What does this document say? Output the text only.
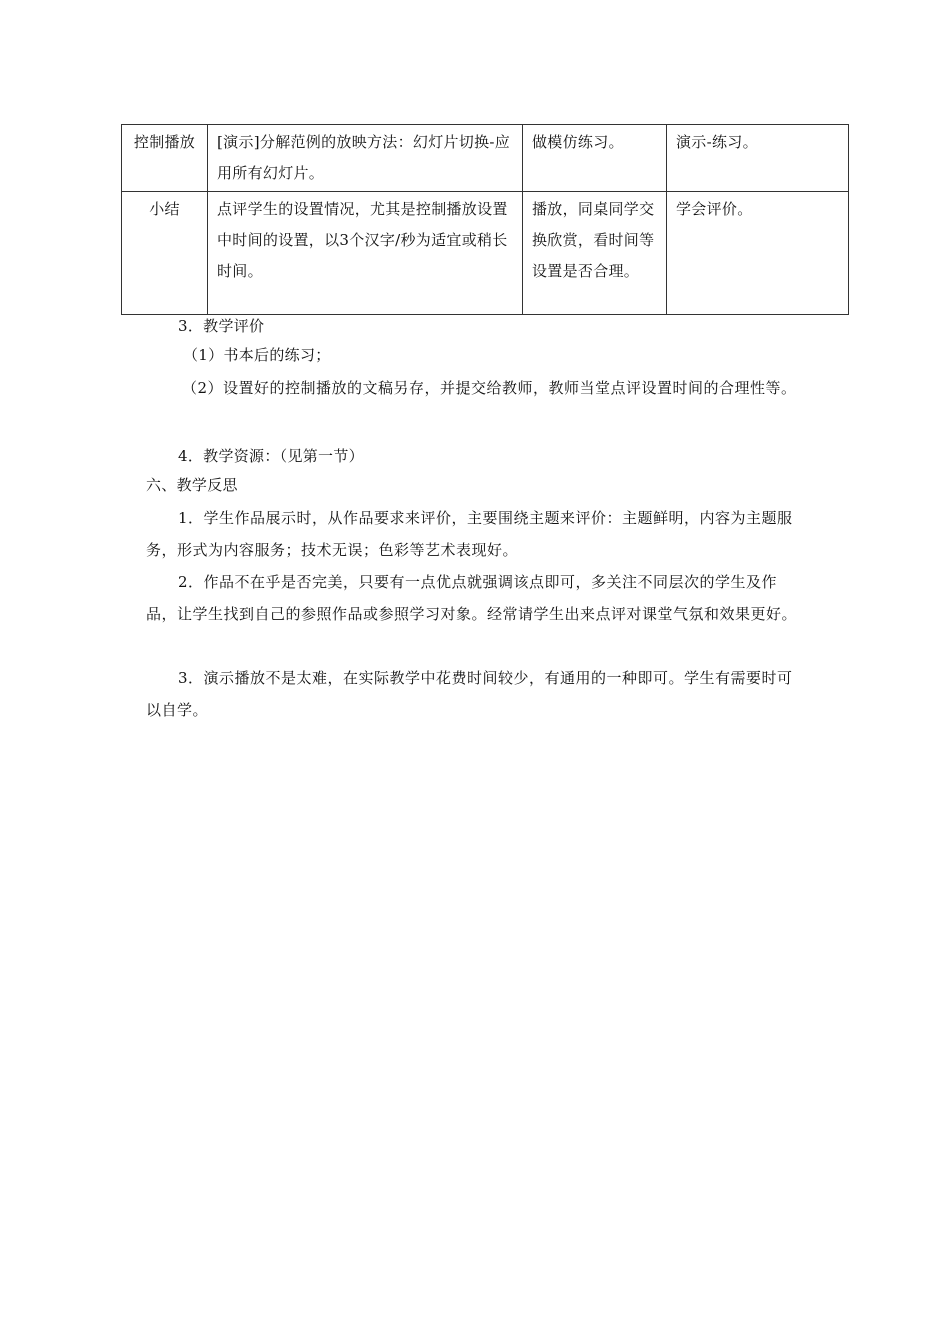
控制播放	[演示]分解范例的放映方法：幻灯片切换-应用所有幻灯片。	做模仿练习。	演示-练习。
小结	点评学生的设置情况，尤其是控制播放设置中时间的设置，以3个汉字/秒为适宜或稍长时间。	播放，同桌同学交换欣赏，看时间等设置是否合理。	学会评价。
3．教学评价
（1）书本后的练习；
（2）设置好的控制播放的文稿另存，并提交给教师，教师当堂点评设置时间的合理性等。
4．教学资源：（见第一节）
六、教学反思
1．学生作品展示时，从作品要求来评价，主要围绕主题来评价：主题鲜明，内容为主题服务，形式为内容服务；技术无误；色彩等艺术表现好。
2．作品不在乎是否完美，只要有一点优点就强调该点即可，多关注不同层次的学生及作品，让学生找到自己的参照作品或参照学习对象。经常请学生出来点评对课堂气氛和效果更好。
3．演示播放不是太难，在实际教学中花费时间较少，有通用的一种即可。学生有需要时可以自学。
